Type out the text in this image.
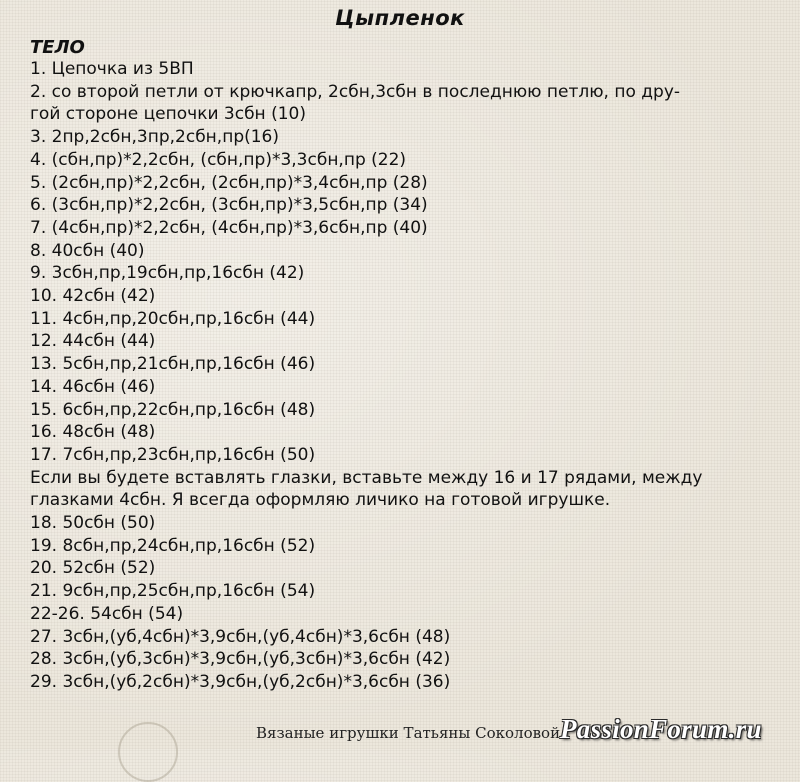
Цыпленок
ТЕЛО
1. Цепочка из 5ВП
2. со второй петли от крючкапр, 2сбн,3сбн в последнюю петлю, по дру-
гой стороне цепочки 3сбн (10)
3. 2пр,2сбн,3пр,2сбн,пр(16)
4. (сбн,пр)*2,2сбн, (сбн,пр)*3,3сбн,пр (22)
5. (2сбн,пр)*2,2сбн, (2сбн,пр)*3,4сбн,пр (28)
6. (3сбн,пр)*2,2сбн, (3сбн,пр)*3,5сбн,пр (34)
7. (4сбн,пр)*2,2сбн, (4сбн,пр)*3,6сбн,пр (40)
8. 40сбн (40)
9. 3сбн,пр,19сбн,пр,16сбн (42)
10. 42сбн (42)
11. 4сбн,пр,20сбн,пр,16сбн (44)
12. 44сбн (44)
13. 5сбн,пр,21сбн,пр,16сбн (46)
14. 46сбн (46)
15. 6сбн,пр,22сбн,пр,16сбн (48)
16. 48сбн (48)
17. 7сбн,пр,23сбн,пр,16сбн (50)
Если вы будете вставлять глазки, вставьте между 16 и 17 рядами, между
глазками 4сбн. Я всегда оформляю личико на готовой игрушке.
18. 50сбн (50)
19. 8сбн,пр,24сбн,пр,16сбн (52)
20. 52сбн (52)
21. 9сбн,пр,25сбн,пр,16сбн (54)
22-26. 54сбн (54)
27. 3сбн,(уб,4сбн)*3,9сбн,(уб,4сбн)*3,6сбн (48)
28. 3сбн,(уб,3сбн)*3,9сбн,(уб,3сбн)*3,6сбн (42)
29. 3сбн,(уб,2сбн)*3,9сбн,(уб,2сбн)*3,6сбн (36)
Вязаные игрушки Татьяны Соколовой PassionForum.ru
